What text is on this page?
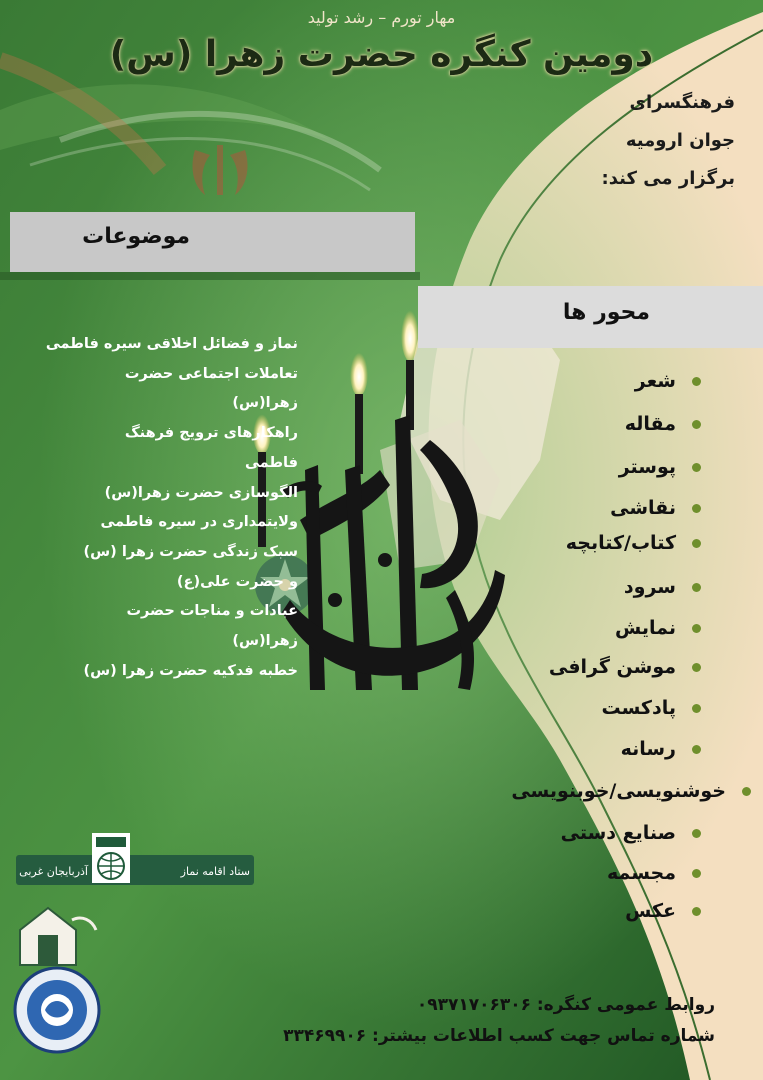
ستاد اقامه نماز
آذربایجان غربی
مهار تورم – رشد تولید
دومین کنگره حضرت زهرا (س)
فرهنگسرای
جوان ارومیه
برگزار می کند:
موضوعات
نماز و فضائل اخلاقی سیره فاطمی
تعاملات اجتماعی حضرت
زهرا(س)
راهکارهای ترویج فرهنگ
فاطمی
الگوسازی حضرت زهرا(س)
ولایتمداری در سیره فاطمی
سبک زندگی حضرت زهرا (س)
و حضرت علی(ع)
عبادات و مناجات حضرت
زهرا(س)
خطبه فدکیه حضرت زهرا (س)
محور ها
شعر
مقاله
پوستر
نقاشی
کتاب/کتابچه
سرود
نمایش
موشن گرافی
پادکست
رسانه
خوشنویسی/خوبنویسی
صنایع دستی
مجسمه
عکس
روابط عمومی کنگره: ۰۹۳۷۱۷۰۶۳۰۶
شماره تماس جهت کسب اطلاعات بیشتر: ۳۳۴۶۹۹۰۶
